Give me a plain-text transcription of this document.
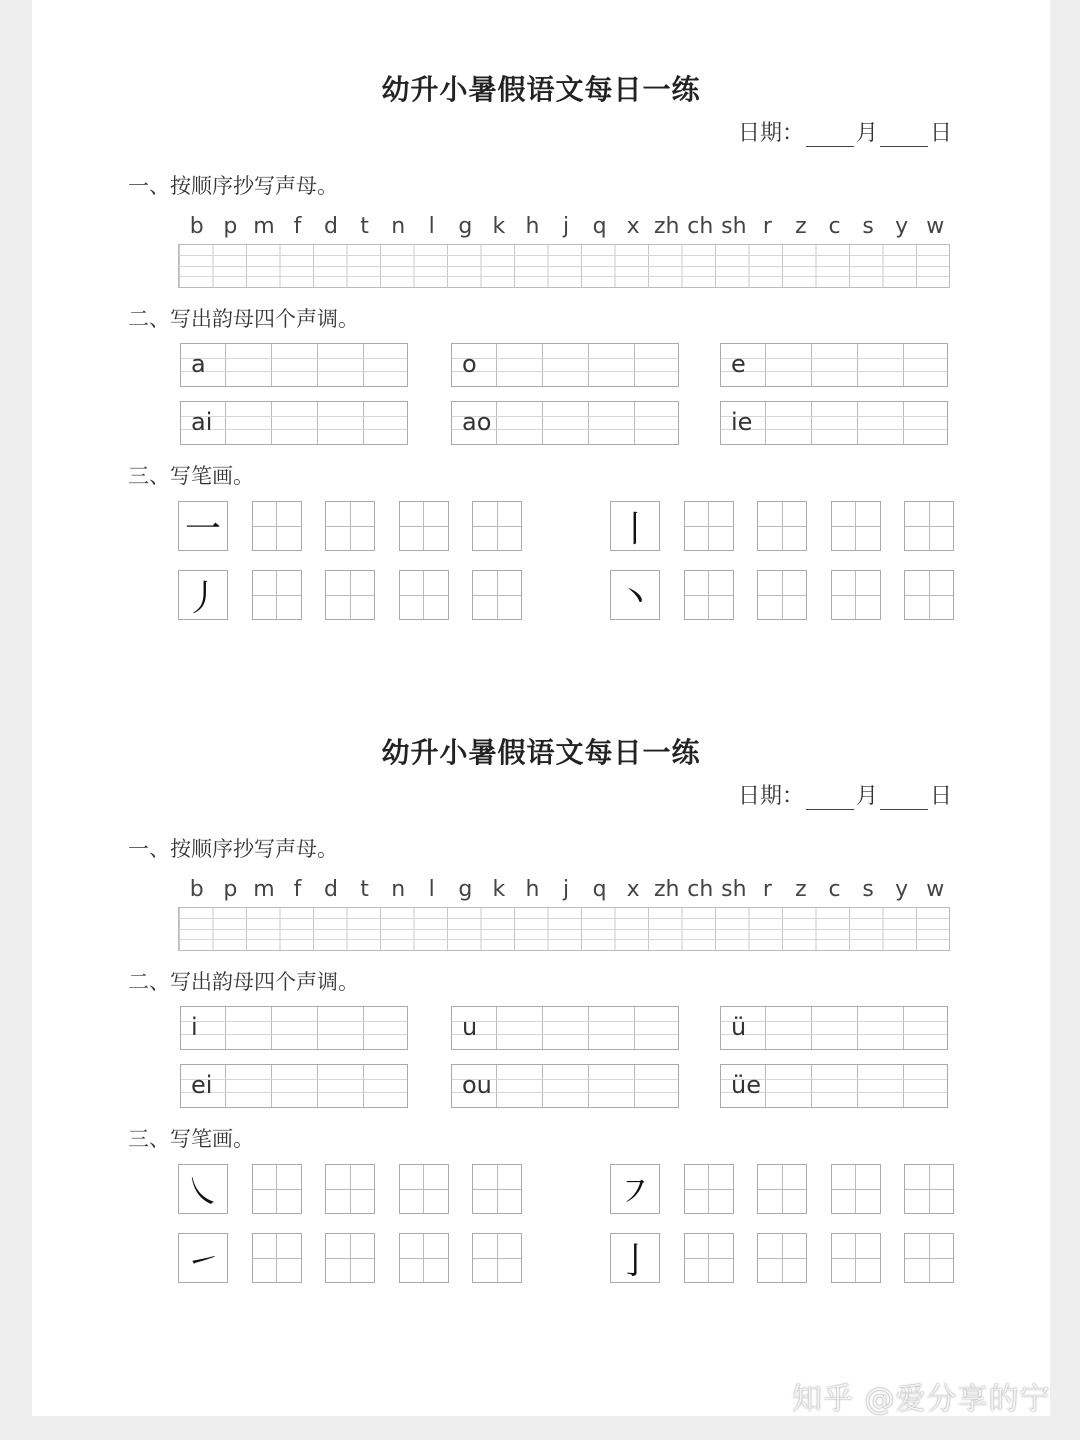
幼升小暑假语文每日一练
日期： 月 日
一、按顺序抄写声母。
b p m f d t n l g k h j q x zh ch sh r z c s y w
二、写出韵母四个声调。
a	o	e
ai	ao	ie
三、写笔画。
一	丨
丿	丶
幼升小暑假语文每日一练
日期： 月 日
一、按顺序抄写声母。
b p m f d t n l g k h j q x zh ch sh r z c s y w
二、写出韵母四个声调。
i	u	ü
ei	ou	üe
三、写笔画。
㇏	㇇
㇀	亅
知乎 @爱分享的宁
